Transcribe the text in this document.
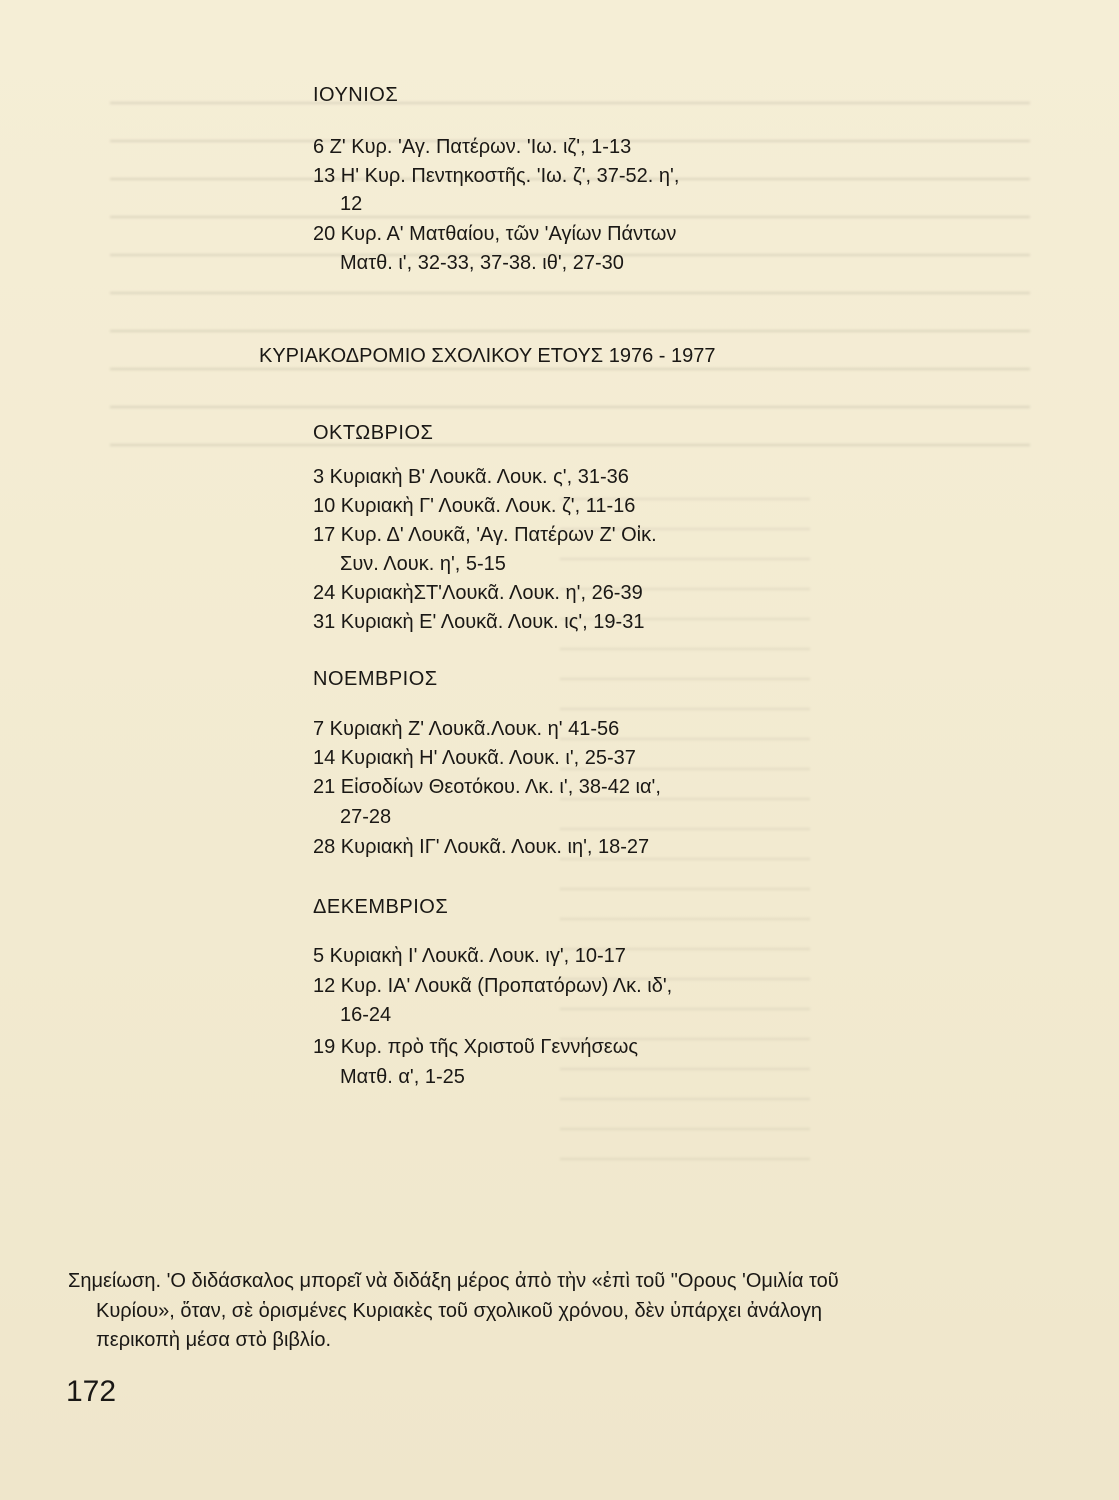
ΙΟΥΝΙΟΣ
6 Ζ' Κυρ. 'Αγ. Πατέρων. 'Ιω. ιζ', 1-13
13 Η' Κυρ. Πεντηκοστῆς. 'Ιω. ζ', 37-52. η',
12
20 Κυρ. Α' Ματθαίου, τῶν 'Αγίων Πάντων
Ματθ. ι', 32-33, 37-38. ιθ', 27-30
ΚΥΡΙΑΚΟΔΡΟΜΙΟ ΣΧΟΛΙΚΟΥ ΕΤΟΥΣ 1976 - 1977
ΟΚΤΩΒΡΙΟΣ
3 Κυριακὴ Β' Λουκᾶ. Λουκ. ς', 31-36
10 Κυριακὴ Γ' Λουκᾶ. Λουκ. ζ', 11-16
17 Κυρ. Δ' Λουκᾶ, 'Αγ. Πατέρων Ζ' Οἰκ.
Συν. Λουκ. η', 5-15
24 ΚυριακὴΣΤ'Λουκᾶ. Λουκ. η', 26-39
31 Κυριακὴ Ε' Λουκᾶ. Λουκ. ις', 19-31
ΝΟΕΜΒΡΙΟΣ
7 Κυριακὴ Ζ' Λουκᾶ.Λουκ. η' 41-56
14 Κυριακὴ Η' Λουκᾶ. Λουκ. ι', 25-37
21 Εἰσοδίων Θεοτόκου. Λκ. ι', 38-42 ια',
27-28
28 Κυριακὴ ΙΓ' Λουκᾶ. Λουκ. ιη', 18-27
ΔΕΚΕΜΒΡΙΟΣ
5 Κυριακὴ Ι' Λουκᾶ. Λουκ. ιγ', 10-17
12 Κυρ. ΙΑ' Λουκᾶ (Προπατόρων) Λκ. ιδ',
16-24
19 Κυρ. πρὸ τῆς Χριστοῦ Γεννήσεως
Ματθ. α', 1-25
Σημείωση. 'Ο διδάσκαλος μπορεῖ νὰ διδάξη μέρος ἀπὸ τὴν «ἐπὶ τοῦ "Ορους 'Ομιλία τοῦ
Κυρίου», ὅταν, σὲ ὁρισμένες Κυριακὲς τοῦ σχολικοῦ χρόνου, δὲν ὑπάρχει ἀνάλογη
περικοπὴ μέσα στὸ βιβλίο.
172
